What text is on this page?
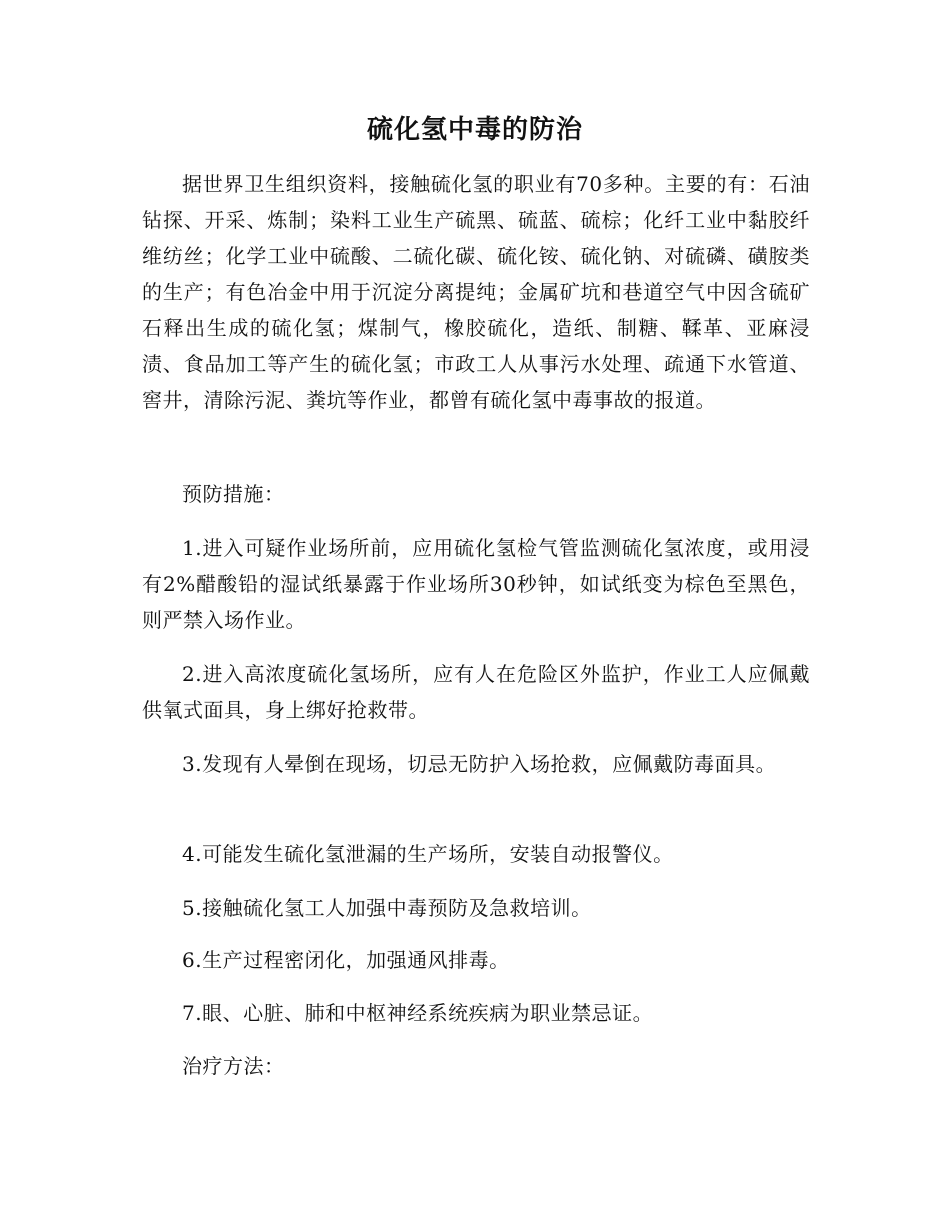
硫化氢中毒的防治

据世界卫生组织资料，接触硫化氢的职业有70多种。主要的有：石油钻探、开采、炼制；染料工业生产硫黑、硫蓝、硫棕；化纤工业中黏胶纤维纺丝；化学工业中硫酸、二硫化碳、硫化铵、硫化钠、对硫磷、磺胺类的生产；有色冶金中用于沉淀分离提纯；金属矿坑和巷道空气中因含硫矿石释出生成的硫化氢；煤制气，橡胶硫化，造纸、制糖、鞣革、亚麻浸渍、食品加工等产生的硫化氢；市政工人从事污水处理、疏通下水管道、窖井，清除污泥、粪坑等作业，都曾有硫化氢中毒事故的报道。

预防措施：

1.进入可疑作业场所前，应用硫化氢检气管监测硫化氢浓度，或用浸有2%醋酸铅的湿试纸暴露于作业场所30秒钟，如试纸变为棕色至黑色，则严禁入场作业。

2.进入高浓度硫化氢场所，应有人在危险区外监护，作业工人应佩戴供氧式面具，身上绑好抢救带。

3.发现有人晕倒在现场，切忌无防护入场抢救，应佩戴防毒面具。

4.可能发生硫化氢泄漏的生产场所，安装自动报警仪。

5.接触硫化氢工人加强中毒预防及急救培训。

6.生产过程密闭化，加强通风排毒。

7.眼、心脏、肺和中枢神经系统疾病为职业禁忌证。

治疗方法：
